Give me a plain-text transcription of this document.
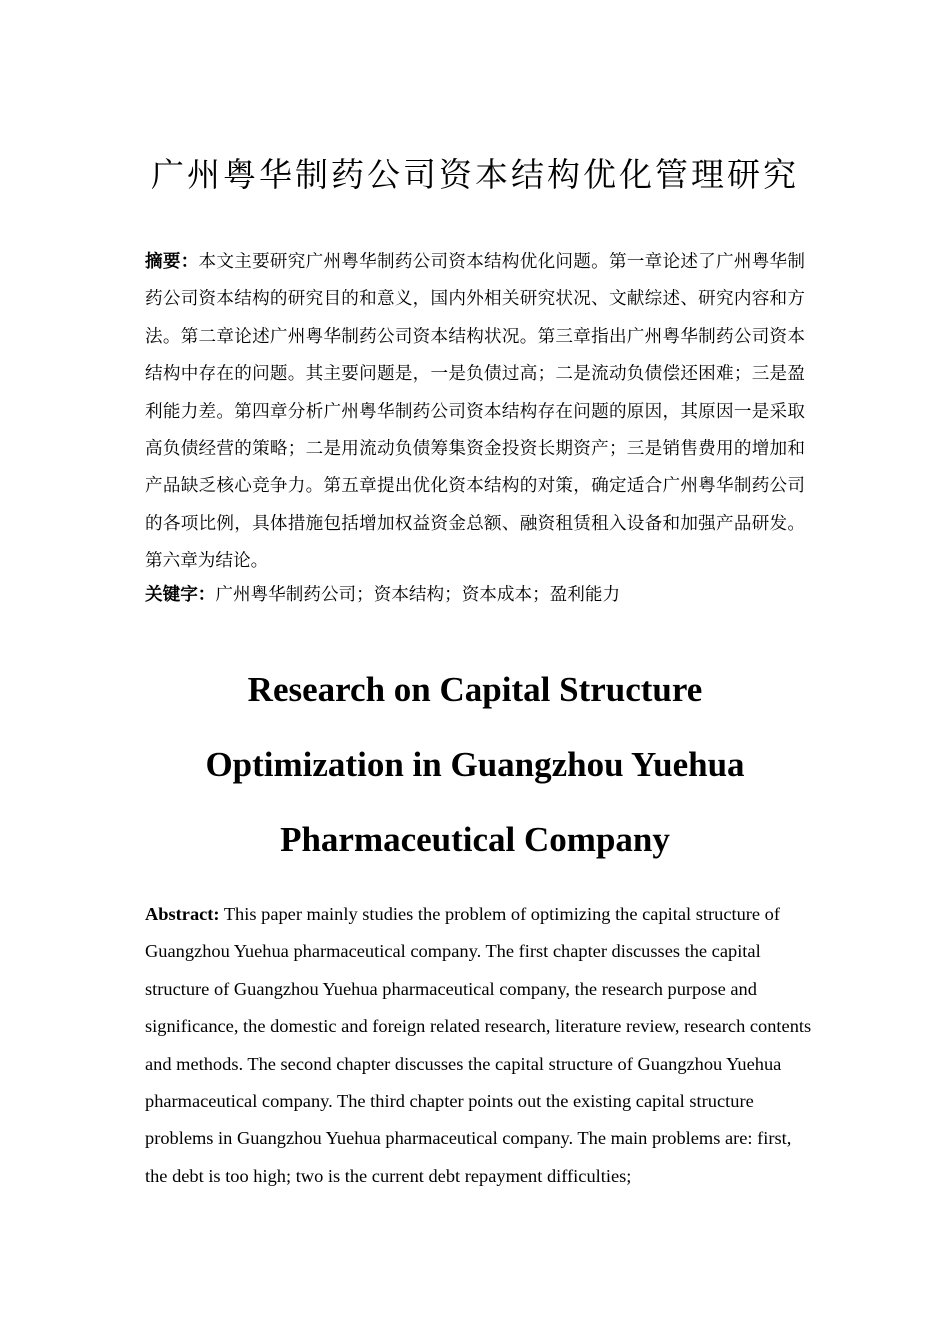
广州粤华制药公司资本结构优化管理研究
摘要：本文主要研究广州粤华制药公司资本结构优化问题。第一章论述了广州粤华制药公司资本结构的研究目的和意义，国内外相关研究状况、文献综述、研究内容和方法。第二章论述广州粤华制药公司资本结构状况。第三章指出广州粤华制药公司资本结构中存在的问题。其主要问题是，一是负债过高；二是流动负债偿还困难；三是盈利能力差。第四章分析广州粤华制药公司资本结构存在问题的原因，其原因一是采取高负债经营的策略；二是用流动负债筹集资金投资长期资产；三是销售费用的增加和产品缺乏核心竞争力。第五章提出优化资本结构的对策，确定适合广州粤华制药公司的各项比例，具体措施包括增加权益资金总额、融资租赁租入设备和加强产品研发。第六章为结论。
关键字：广州粤华制药公司；资本结构；资本成本；盈利能力
Research on Capital Structure
Optimization in Guangzhou Yuehua
Pharmaceutical Company
Abstract: This paper mainly studies the problem of optimizing the capital structure of Guangzhou Yuehua pharmaceutical company. The first chapter discusses the capital structure of Guangzhou Yuehua pharmaceutical company, the research purpose and significance, the domestic and foreign related research, literature review, research contents and methods. The second chapter discusses the capital structure of Guangzhou Yuehua pharmaceutical company. The third chapter points out the existing capital structure problems in Guangzhou Yuehua pharmaceutical company. The main problems are: first, the debt is too high; two is the current debt repayment difficulties;
